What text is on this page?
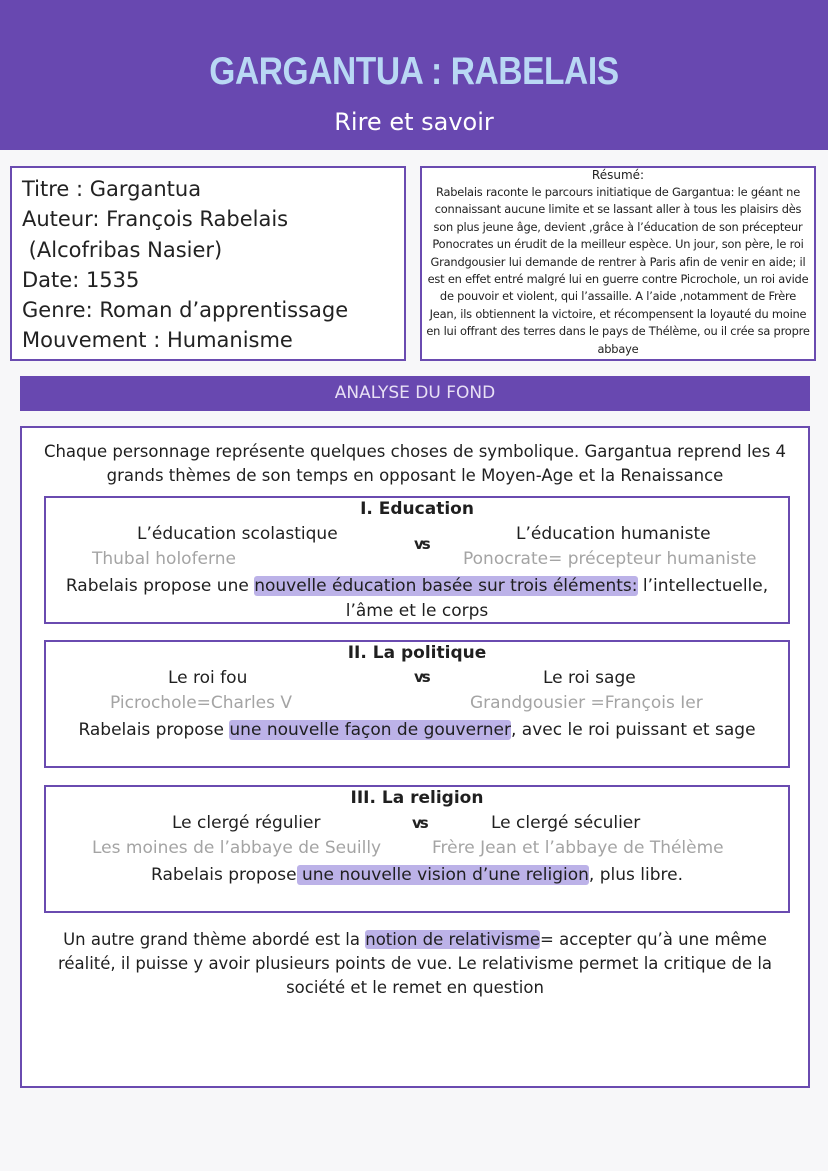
GARGANTUA : RABELAIS
Rire et savoir
Titre : Gargantua
Auteur: François Rabelais
(Alcofribas Nasier)
Date: 1535
Genre: Roman d’apprentissage
Mouvement : Humanisme
Résumé:
Rabelais raconte le parcours initiatique de Gargantua: le géant ne connaissant aucune limite et se lassant aller à tous les plaisirs dès son plus jeune âge, devient ,grâce à l’éducation de son précepteur Ponocrates un érudit de la meilleur espèce. Un jour, son père, le roi Grandgousier lui demande de rentrer à Paris afin de venir en aide; il est en effet entré malgré lui en guerre contre Picrochole, un roi avide de pouvoir et violent, qui l’assaille. A l’aide ,notamment de Frère Jean, ils obtiennent la victoire, et récompensent la loyauté du moine en lui offrant des terres dans le pays de Thélème, ou il crée sa propre abbaye
ANALYSE DU FOND
Chaque personnage représente quelques choses de symbolique. Gargantua reprend les 4 grands thèmes de son temps en opposant le Moyen-Age et la Renaissance
I. Education
L’éducation scolastique	vs	L’éducation humaniste
Thubal holoferne	Ponocrate= précepteur humaniste
Rabelais propose une nouvelle éducation basée sur trois éléments: l’intellectuelle, l’âme et le corps
II. La politique
Le roi fou	vs	Le roi sage
Picrochole=Charles V	Grandgousier =François Ier
Rabelais propose une nouvelle façon de gouverner, avec le roi puissant et sage
III. La religion
Le clergé régulier	vs	Le clergé séculier
Les moines de l’abbaye de Seuilly	Frère Jean et l’abbaye de Thélème
Rabelais propose une nouvelle vision d’une religion, plus libre.
Un autre grand thème abordé est la notion de relativisme= accepter qu’à une même réalité, il puisse y avoir plusieurs points de vue. Le relativisme permet la critique de la société et le remet en question
